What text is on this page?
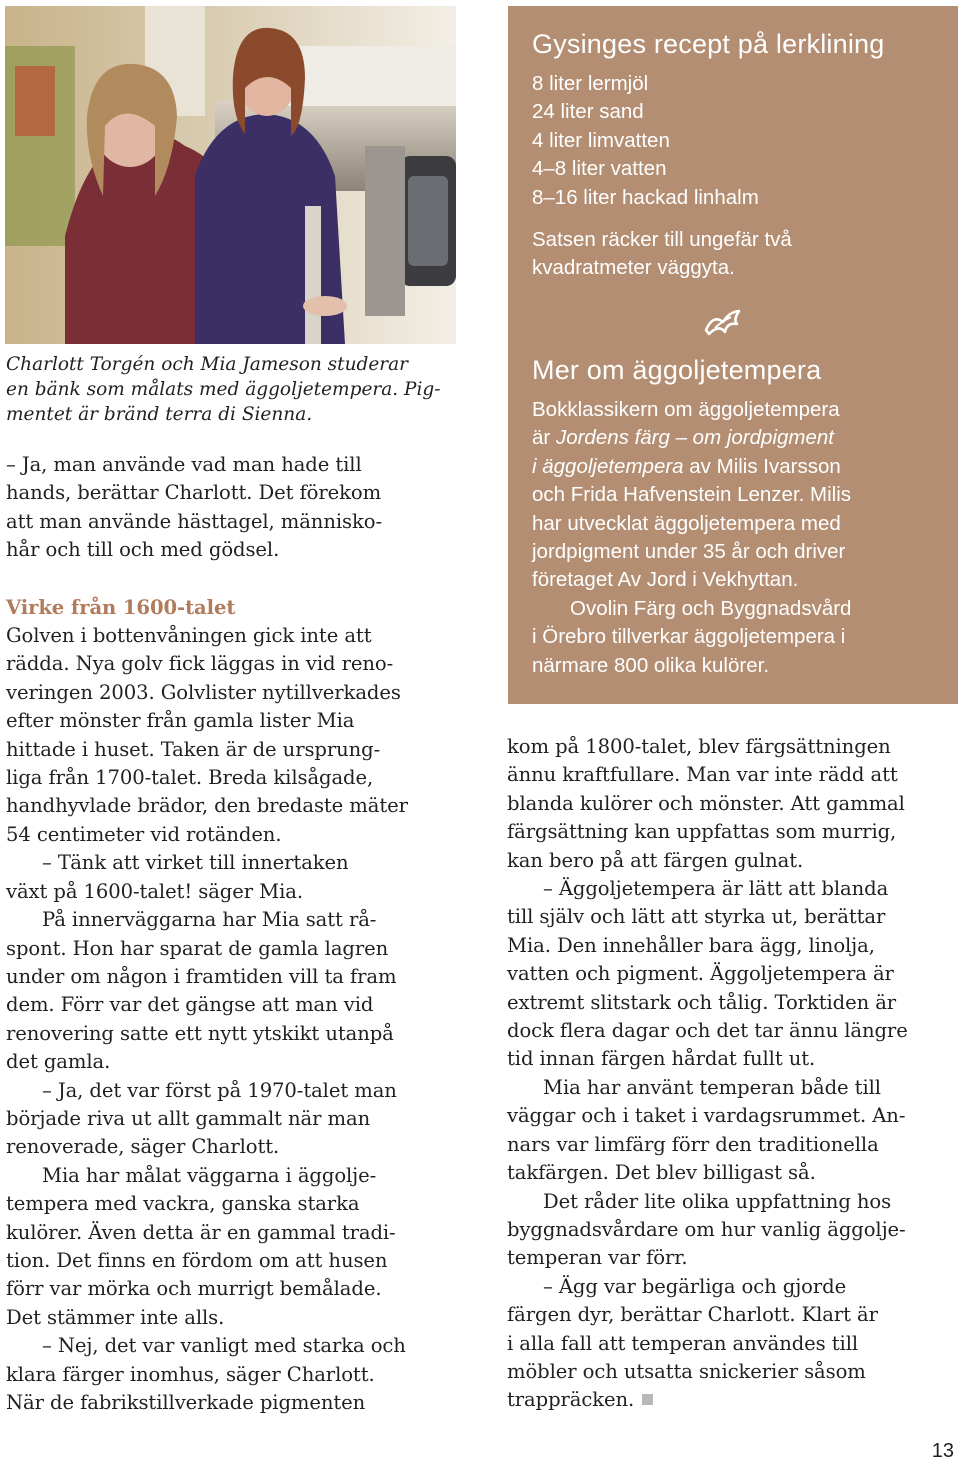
Charlott Torgén och Mia Jameson studerar

en bänk som målats med äggoljetempera. Pig-

mentet är bränd terra di Sienna.

– Ja, man använde vad man hade till

hands, berättar Charlott. Det förekom

att man använde hästtagel, människo-

hår och till och med gödsel.

Virke från 1600-talet

Golven i bottenvåningen gick inte att

rädda. Nya golv fick läggas in vid reno-

veringen 2003. Golvlister nytillverkades

efter mönster från gamla lister Mia

hittade i huset. Taken är de ursprung-

liga från 1700-talet. Breda kilsågade,

handhyvlade brädor, den bredaste mäter

54 centimeter vid rotänden.

– Tänk att virket till innertaken

växt på 1600-talet! säger Mia.

På innerväggarna har Mia satt rå-

spont. Hon har sparat de gamla lagren

under om någon i framtiden vill ta fram

dem. Förr var det gängse att man vid

renovering satte ett nytt ytskikt utanpå

det gamla.

– Ja, det var först på 1970-talet man

började riva ut allt gammalt när man

renoverade, säger Charlott.

Mia har målat väggarna i äggolje-

tempera med vackra, ganska starka

kulörer. Även detta är en gammal tradi-

tion. Det finns en fördom om att husen

förr var mörka och murrigt bemålade.

Det stämmer inte alls.

– Nej, det var vanligt med starka och

klara färger inomhus, säger Charlott.

När de fabrikstillverkade pigmenten

Gysinges recept på lerklining
8 liter lermjöl
24 liter sand
4 liter limvatten
4–8 liter vatten
8–16 liter hackad linhalm

Satsen räcker till ungefär två

kvadratmeter väggyta.

Mer om äggoljetempera

Bokklassikern om äggoljetempera

är Jordens färg – om jordpigment

i äggoljetempera av Milis Ivarsson

och Frida Hafvenstein Lenzer. Milis

har utvecklat äggoljetempera med

jordpigment under 35 år och driver

företaget Av Jord i Vekhyttan.

Ovolin Färg och Byggnadsvård

i Örebro tillverkar äggoljetempera i

närmare 800 olika kulörer.

kom på 1800-talet, blev färgsättningen

ännu kraftfullare. Man var inte rädd att

blanda kulörer och mönster. Att gammal

färgsättning kan uppfattas som murrig,

kan bero på att färgen gulnat.

– Äggoljetempera är lätt att blanda

till själv och lätt att styrka ut, berättar

Mia. Den innehåller bara ägg, linolja,

vatten och pigment. Äggoljetempera är

extremt slitstark och tålig. Torktiden är

dock flera dagar och det tar ännu längre

tid innan färgen hårdat fullt ut.

Mia har använt temperan både till

väggar och i taket i vardagsrummet. An-

nars var limfärg förr den traditionella

takfärgen. Det blev billigast så.

Det råder lite olika uppfattning hos

byggnadsvårdare om hur vanlig äggolje-

temperan var förr.

– Ägg var begärliga och gjorde

färgen dyr, berättar Charlott. Klart är

i alla fall att temperan användes till

möbler och utsatta snickerier såsom

trappräcken.

13
